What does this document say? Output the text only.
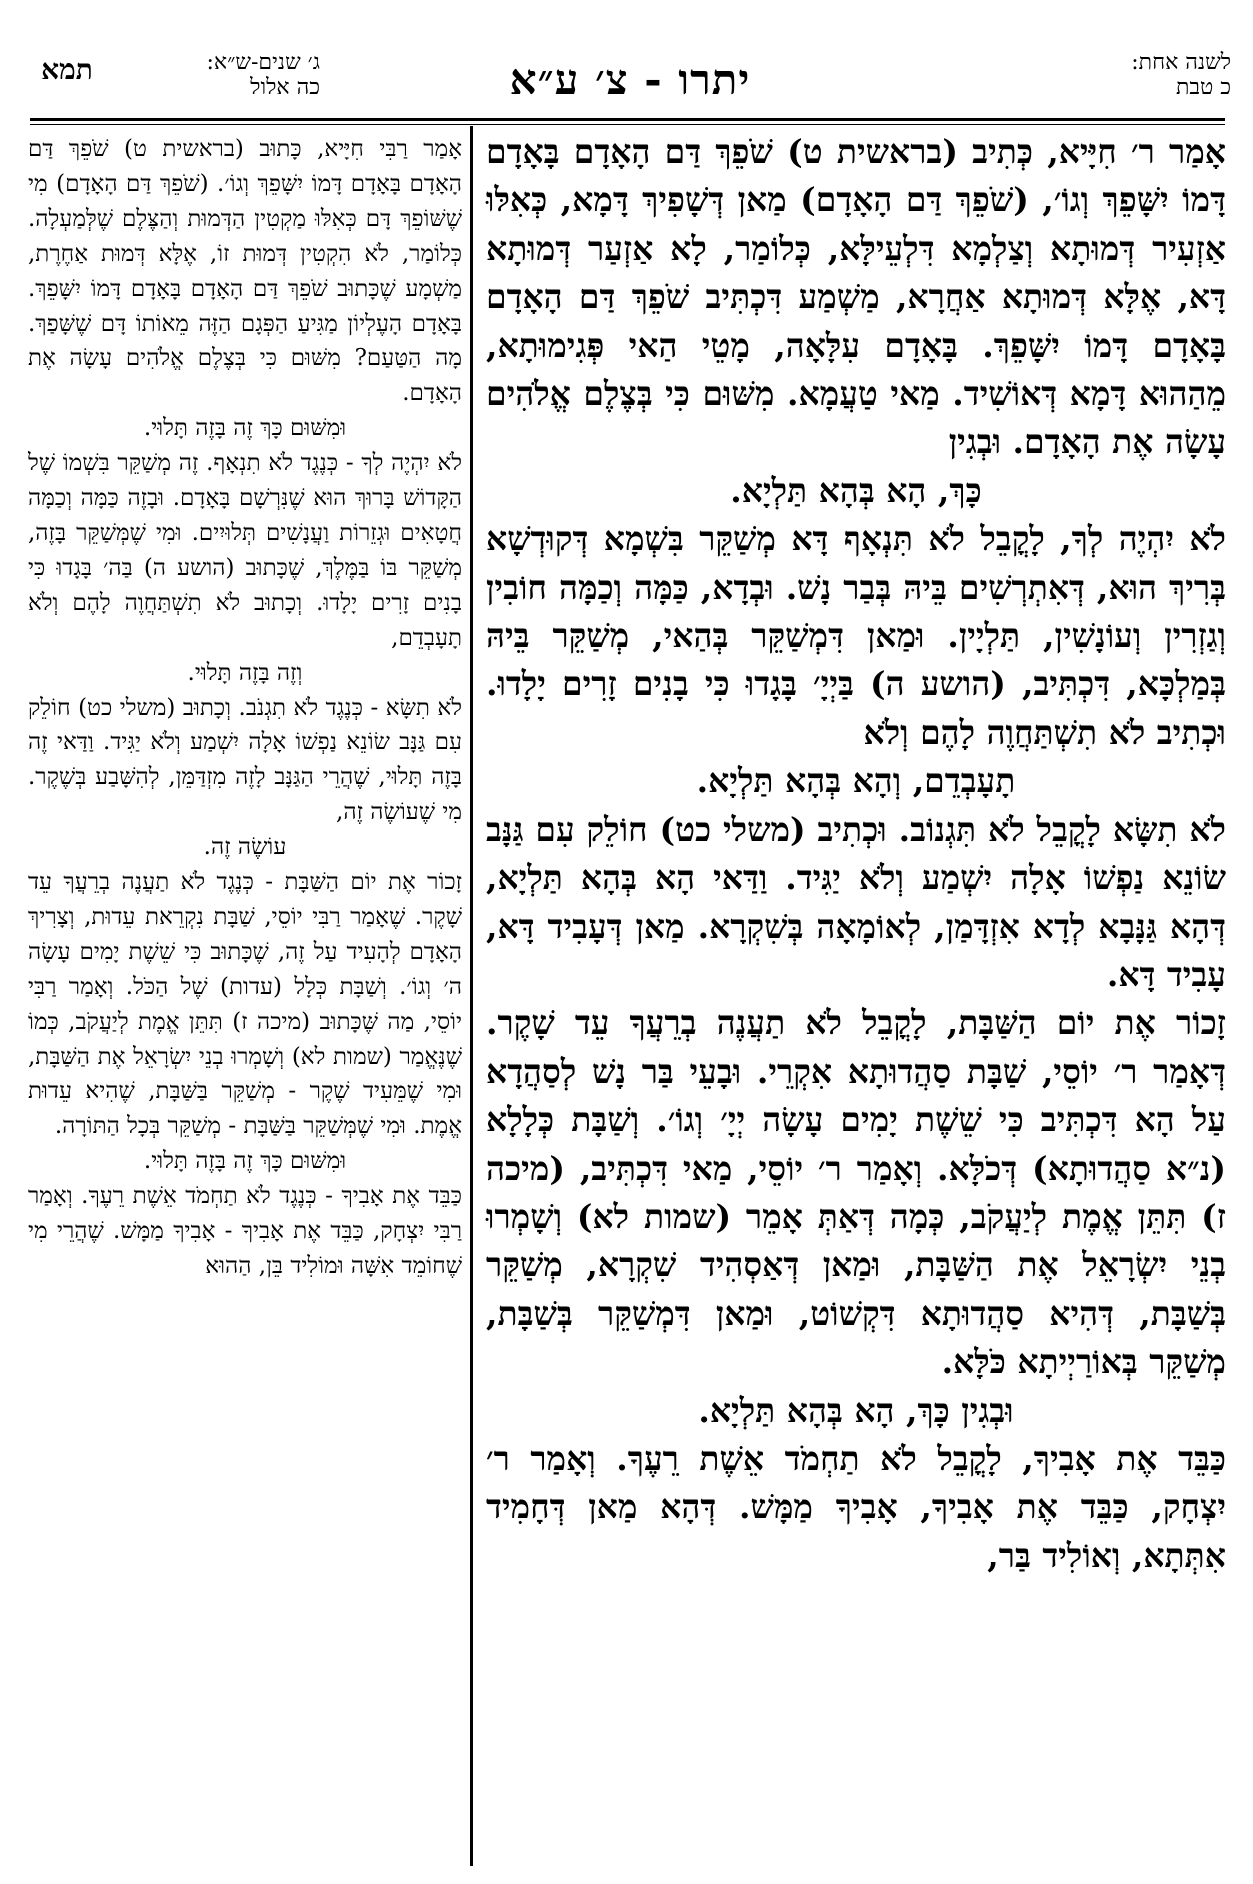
לשנה אחת:
כ טבת
יתרו - צ׳ ע״א
ג׳ שנים-ש״א:
כה אלול
תמא

אָמַר ר׳ חִיָּיא, כְּתִיב (בראשית ט) שֹׁפֵךְ דַּם הָאָדָם בָּאָדָם דָּמוֹ יִשָּׁפֵךְ וְגוֹ׳, (שֹׁפֵךְ דַּם הָאָדָם) מַאן דְּשָׁפִיךְ דָּמָא, כְּאִלּוּ אַזְעִיר דְּמוּתָא וְצַלְמָא דִּלְעֵילָּא, כְּלוֹמַר, לָא אַזְעַר דְּמוּתָא דָּא, אֶלָּא דְּמוּתָא אַחֲרָא, מַשְׁמַע דִּכְתִּיב שֹׁפֵךְ דַּם הָאָדָם בָּאָדָם דָּמוֹ יִשָּׁפֵךְ. בָּאָדָם עִלָּאָה, מָטֵי הַאי פְּגִימוּתָא, מֵהַהוּא דָּמָא דְּאוֹשִׁיד. מַאי טַעֲמָא. מִשּׁוּם כִּי בְּצֶלֶם אֱלֹהִים עָשָׂה אֶת הָאָדָם. וּבְגִין

כָּךְ, הָא בְּהָא תַּלְיָא.

לֹא יִהְיֶה לְךָ, לָקֳבֵל לֹא תִּנְאָף דָּא מְשַׁקֵּר בִּשְׁמָא דְּקוּדְשָׁא בְּרִיךְ הוּא, דְּאִתְרְשִׁים בֵּיהּ בְּבַר נָשׁ. וּבְדָא, כַּמָּה וְכַמָּה חוֹבִין וְגַזְרִין וְעוֹנָשִׁין, תַּלְיָין. וּמַאן דִּמְשַׁקֵּר בְּהַאי, מְשַׁקֵּר בֵּיהּ בְּמַלְכָּא, דִּכְתִּיב, (הושע ה) בַּיְיָ׳ בָּגָדוּ כִּי בָנִים זָרִים יָלָדוּ. וּכְתִיב לֹא תִשְׁתַּחֲוֶה לָהֶם וְלֹא

תָעָבְדֵם, וְהָא בְּהָא תַּלְיָא.

לֹא תִשָּׂא לָקֳבֵל לֹא תִּגְנוֹב. וּכְתִיב (משלי כט) חוֹלֵק עִם גַּנָּב שׂוֹנֵא נַפְשׁוֹ אָלָה יִשְׁמַע וְלֹא יַגִּיד. וַדַּאי הָא בְּהָא תַּלְיָא, דְּהָא גַּנָּבָא לְדָא אִזְדָּמַן, לְאוֹמָאָה בְּשִׁקְרָא. מַאן דְּעָבִיד דָּא, עָבִיד דָּא.

זָכוֹר אֶת יוֹם הַשַּׁבָּת, לָקֳבֵל לֹא תַעֲנֶה בְרֵעֲךָ עֵד שָׁקֶר. דְּאָמַר ר׳ יוֹסֵי, שַׁבָּת סַהֲדוּתָא אִקְרֵי. וּבָעֵי בַּר נָשׁ לְסַהֲדָא עַל הָא דִּכְתִּיב כִּי שֵׁשֶׁת יָמִים עָשָׂה יְיָ׳ וְגוֹ׳. וְשַׁבָּת כְּלָלָא (נ״א סַהֲדוּתָא) דְּכֹלָּא. וְאָמַר ר׳ יוֹסֵי, מַאי דִּכְתִּיב, (מיכה ז) תִּתֵּן אֱמֶת לְיַעֲקֹב, כְּמָה דְּאַתְּ אָמֵר (שמות לא) וְשָׁמְרוּ בְנֵי יִשְׂרָאֵל אֶת הַשַּׁבָּת, וּמַאן דְּאַסְהִיד שִׁקְרָא, מְשַׁקֵּר בְּשַׁבָּת, דְּהִיא סַהֲדוּתָא דִּקְשׁוֹט, וּמַאן דִּמְשַׁקֵּר בְּשַׁבָּת, מְשַׁקֵּר בְּאוֹרַיְיתָא כֹּלָּא.

וּבְגִין כָּךְ, הָא בְּהָא תַּלְיָא.

כַּבֵּד אֶת אָבִיךָ, לָקֳבֵל לֹא תַחְמֹד אֵשֶׁת רֵעֶךָ. וְאָמַר ר׳ יִצְחָק, כַּבֵּד אֶת אָבִיךָ, אָבִיךָ מַמָּשׁ. דְּהָא מַאן דְּחָמִיד אִתְּתָא, וְאוֹלִיד בַּר,

אָמַר רַבִּי חִיָּיא, כָּתוּב (בראשית ט) שֹׁפֵךְ דַּם הָאָדָם בָּאָדָם דָּמוֹ יִשָּׁפֵךְ וְגוֹ׳. (שֹׁפֵךְ דַּם הָאָדָם) מִי שֶׁשּׁוֹפֵךְ דָּם כְּאִלּוּ מַקְטִין הַדְּמוּת וְהַצֶּלֶם שֶׁלְּמַעְלָה. כְּלוֹמַר, לֹא הִקְטִין דְּמוּת זוֹ, אֶלָּא דְּמוּת אַחֶרֶת, מַשְׁמָע שֶׁכָּתוּב שֹׁפֵךְ דַּם הָאָדָם בָּאָדָם דָּמוֹ יִשָּׁפֵךְ. בָּאָדָם הָעֶלְיוֹן מַגִּיעַ הַפְּגָם הַזֶּה מֵאוֹתוֹ דָּם שֶׁשָּׁפַךְ. מָה הַטַּעַם? מִשּׁוּם כִּי בְּצֶלֶם אֱלֹהִים עָשָׂה אֶת הָאָדָם.

וּמִשּׁוּם כָּךְ זֶה בָּזֶה תָּלוּי.

לֹא יִהְיֶה לְךָ - כְּנֶגֶד לֹא תִנְאָף. זֶה מְשַׁקֵּר בִּשְׁמוֹ שֶׁל הַקָּדוֹשׁ בָּרוּךְ הוּא שֶׁנִּרְשָׁם בָּאָדָם. וּבָזֶה כַּמָּה וְכַמָּה חֲטָאִים וּגְזֵרוֹת וַעֲנָשִׁים תְּלוּיִים. וּמִי שֶׁמְּשַׁקֵּר בָּזֶה, מְשַׁקֵּר בּוֹ בַּמֶּלֶךְ, שֶׁכָּתוּב (הושע ה) בַּה׳ בָּגָדוּ כִּי בָנִים זָרִים יָלָדוּ. וְכָתוּב לֹא תִשְׁתַּחֲוֶה לָהֶם וְלֹא תָעָבְדֵם,

וְזֶה בָּזֶה תָּלוּי.

לֹא תִשָּׂא - כְּנֶגֶד לֹא תִגְנֹב. וְכָתוּב (משלי כט) חוֹלֵק עִם גַּנָּב שׂוֹנֵא נַפְשׁוֹ אָלָה יִשְׁמַע וְלֹא יַגִּיד. וַדַּאי זֶה בָּזֶה תָּלוּי, שֶׁהֲרֵי הַגַּנָּב לָזֶה מִזְדַּמֵּן, לְהִשָּׁבַע בְּשֶׁקֶר. מִי שֶׁעוֹשֶׂה זֶה,

עוֹשֶׂה זֶה.

זָכוֹר אֶת יוֹם הַשַּׁבָּת - כְּנֶגֶד לֹא תַעֲנֶה בְרֵעֲךָ עֵד שָׁקֶר. שֶׁאָמַר רַבִּי יוֹסֵי, שַׁבָּת נִקְרֵאת עֵדוּת, וְצָרִיךְ הָאָדָם לְהָעִיד עַל זֶה, שֶׁכָּתוּב כִּי שֵׁשֶׁת יָמִים עָשָׂה ה׳ וְגוֹ׳. וְשַׁבָּת כְּלָל (עדות) שֶׁל הַכֹּל. וְאָמַר רַבִּי יוֹסֵי, מַה שֶּׁכָּתוּב (מיכה ז) תִּתֵּן אֱמֶת לְיַעֲקֹב, כְּמוֹ שֶׁנֶּאֱמַר (שמות לא) וְשָׁמְרוּ בְנֵי יִשְׂרָאֵל אֶת הַשַּׁבָּת, וּמִי שֶׁמֵּעִיד שֶׁקֶר - מְשַׁקֵּר בַּשַּׁבָּת, שֶׁהִיא עֵדוּת אֱמֶת. וּמִי שֶׁמְּשַׁקֵּר בַּשַּׁבָּת - מְשַׁקֵּר בְּכָל הַתּוֹרָה.

וּמִשּׁוּם כָּךְ זֶה בָּזֶה תָּלוּי.

כַּבֵּד אֶת אָבִיךָ - כְּנֶגֶד לֹא תַחְמֹד אֵשֶׁת רֵעֶךָ. וְאָמַר רַבִּי יִצְחָק, כַּבֵּד אֶת אָבִיךָ - אָבִיךָ מַמָּשׁ. שֶׁהֲרֵי מִי שֶׁחוֹמֵד אִשָּׁה וּמוֹלִיד בֵּן, הַהוּא
